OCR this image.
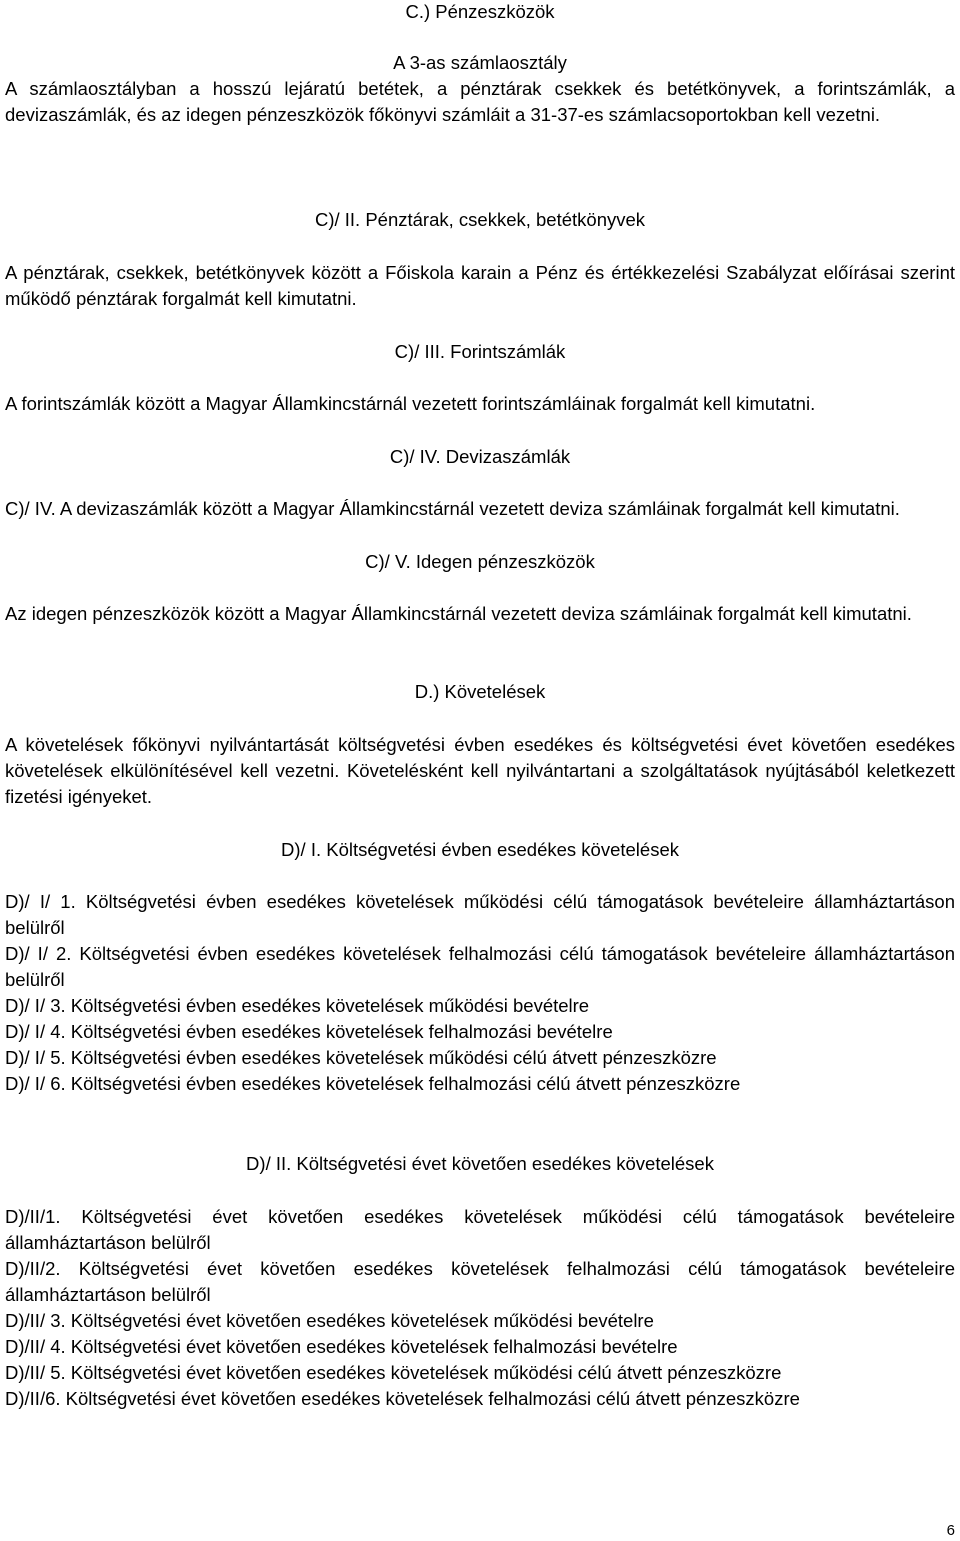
C.) Pénzeszközök

A 3-as számlaosztály

A számlaosztályban a hosszú lejáratú betétek, a pénztárak csekkek és betétkönyvek, a forintszámlák, a devizaszámlák, és az idegen pénzeszközök főkönyvi számláit a 31-37-es számlacsoportokban kell vezetni.

C)/ II. Pénztárak, csekkek, betétkönyvek

A pénztárak, csekkek, betétkönyvek között a Főiskola karain a Pénz és értékkezelési Szabályzat előírásai szerint működő pénztárak forgalmát kell kimutatni.

C)/ III. Forintszámlák

A forintszámlák között a Magyar Államkincstárnál vezetett forintszámláinak forgalmát kell kimutatni.

C)/ IV. Devizaszámlák

C)/ IV. A devizaszámlák között a Magyar Államkincstárnál vezetett deviza számláinak forgalmát kell kimutatni.

C)/ V. Idegen pénzeszközök

Az idegen pénzeszközök között a Magyar Államkincstárnál vezetett deviza számláinak forgalmát kell kimutatni.

D.) Követelések

A követelések főkönyvi nyilvántartását költségvetési évben esedékes és költségvetési évet követően esedékes követelések elkülönítésével kell vezetni. Követelésként kell nyilvántartani a szolgáltatások nyújtásából keletkezett fizetési igényeket.

D)/ I. Költségvetési évben esedékes követelések

D)/ I/ 1. Költségvetési évben esedékes követelések működési célú támogatások bevételeire államháztartáson belülről
D)/ I/ 2. Költségvetési évben esedékes követelések felhalmozási célú támogatások bevételeire államháztartáson belülről
D)/ I/ 3. Költségvetési évben esedékes követelések működési bevételre
D)/ I/ 4. Költségvetési évben esedékes követelések felhalmozási bevételre
D)/ I/ 5. Költségvetési évben esedékes követelések működési célú átvett pénzeszközre
D)/ I/ 6. Költségvetési évben esedékes követelések felhalmozási célú átvett pénzeszközre

D)/ II. Költségvetési évet követően esedékes követelések

D)/II/1. Költségvetési évet követően esedékes követelések működési célú támogatások bevételeire államháztartáson belülről
D)/II/2. Költségvetési évet követően esedékes követelések felhalmozási célú támogatások bevételeire államháztartáson belülről
D)/II/ 3. Költségvetési évet követően esedékes követelések működési bevételre
D)/II/ 4. Költségvetési évet követően esedékes követelések felhalmozási bevételre
D)/II/ 5. Költségvetési évet követően esedékes követelések működési célú átvett pénzeszközre
D)/II/6. Költségvetési évet követően esedékes követelések felhalmozási célú átvett pénzeszközre
6
